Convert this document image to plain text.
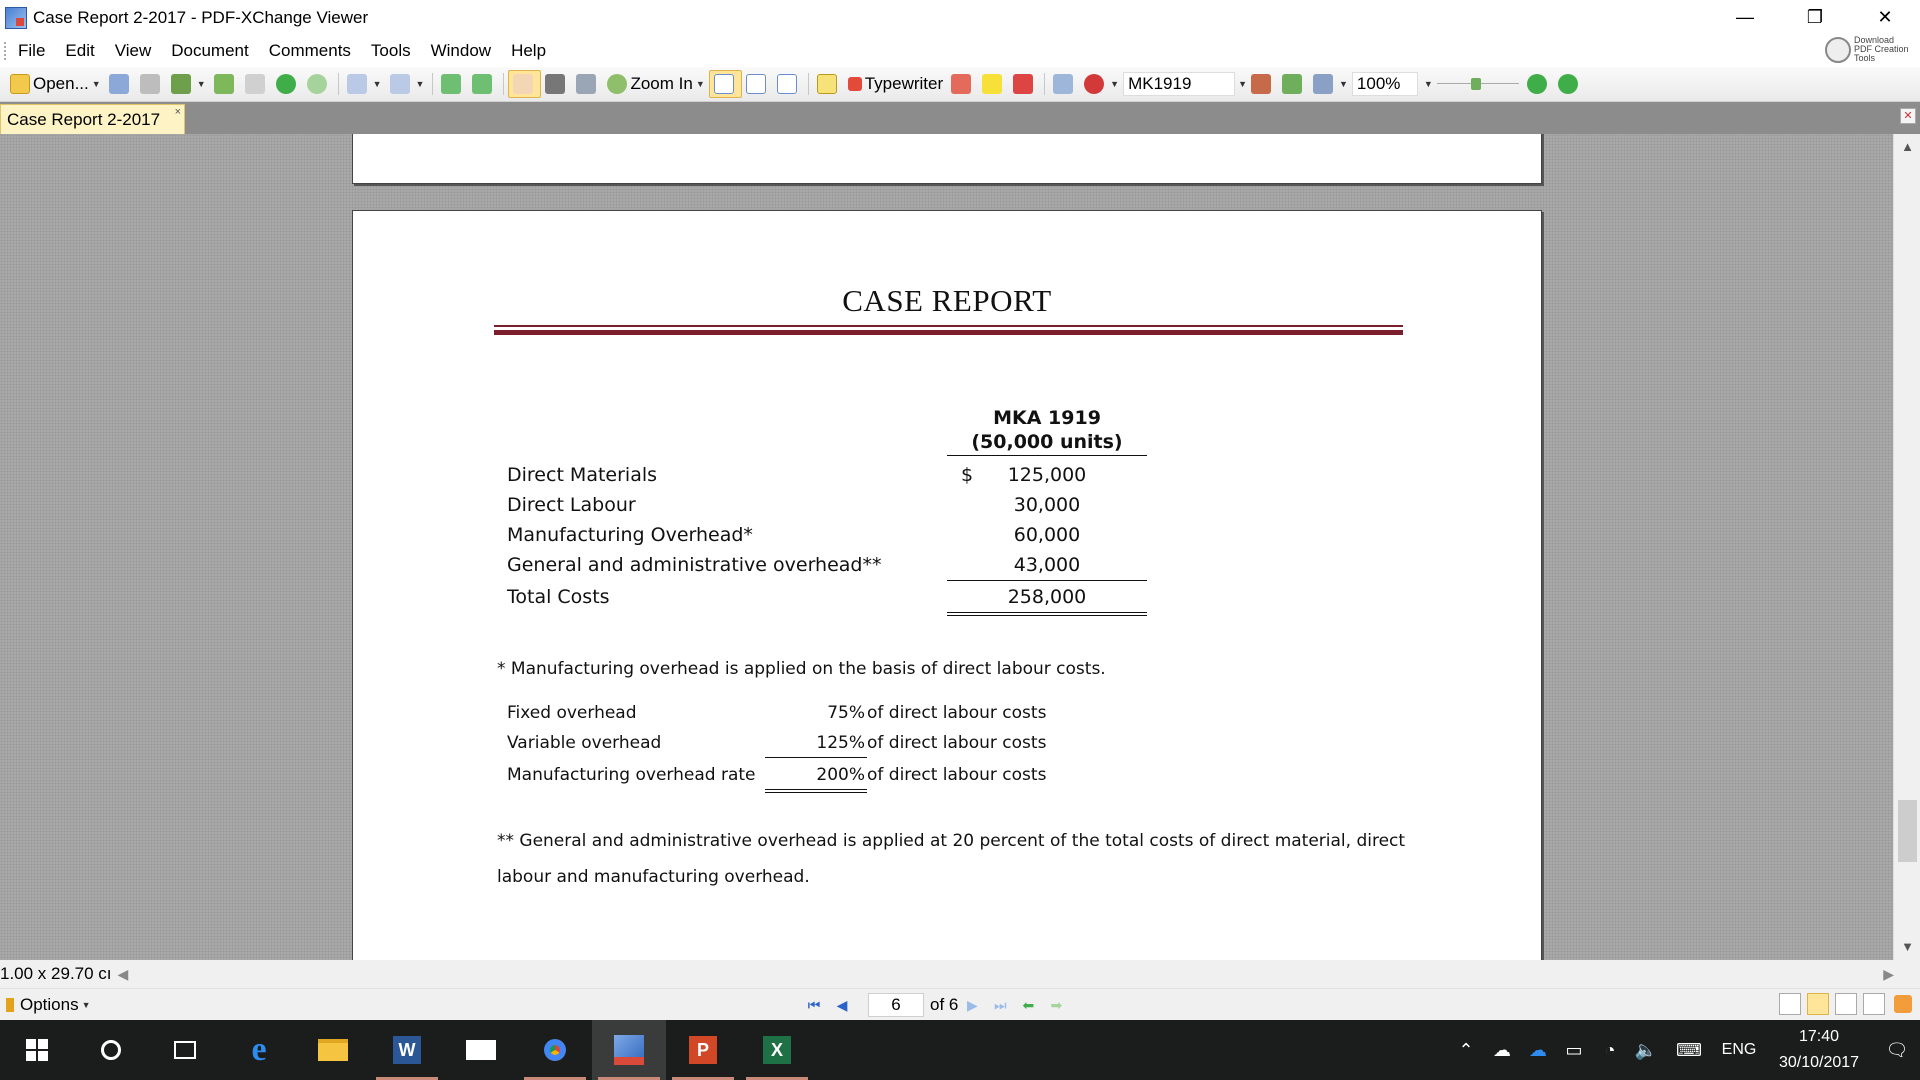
Case Report 2-2017 - PDF-XChange Viewer	—	❐	✕
File	Edit	View	Document	Comments	Tools	Window	Help
Download PDF Creation Tools
Open... ▼	▼	▼	▼	Zoom In ▼	Typewriter	▼ MK1919	▼	▼ 100%	▼
Case Report 2-2017 ×	✕
CASE REPORT
MKA 1919
(50,000 units)
Direct Materials	$	125,000
Direct Labour	30,000
Manufacturing Overhead*	60,000
General and administrative overhead**	43,000
Total Costs	258,000
* Manufacturing overhead is applied on the basis of direct labour costs.
Fixed overhead	75% of direct labour costs
Variable overhead	125% of direct labour costs
Manufacturing overhead rate	200% of direct labour costs
** General and administrative overhead is applied at 20 percent of the total costs of direct material, direct
labour and manufacturing overhead.
▲
▼
1.00 x 29.70 cı ◀	▶
Options ▼	⏮	◀	6	of 6 ▶	⏭	⬅	➡
e	W	P	X	⌃	☁	☁	▭	◔	🔈	⌨	ENG
17:40
30/10/2017
🗨
